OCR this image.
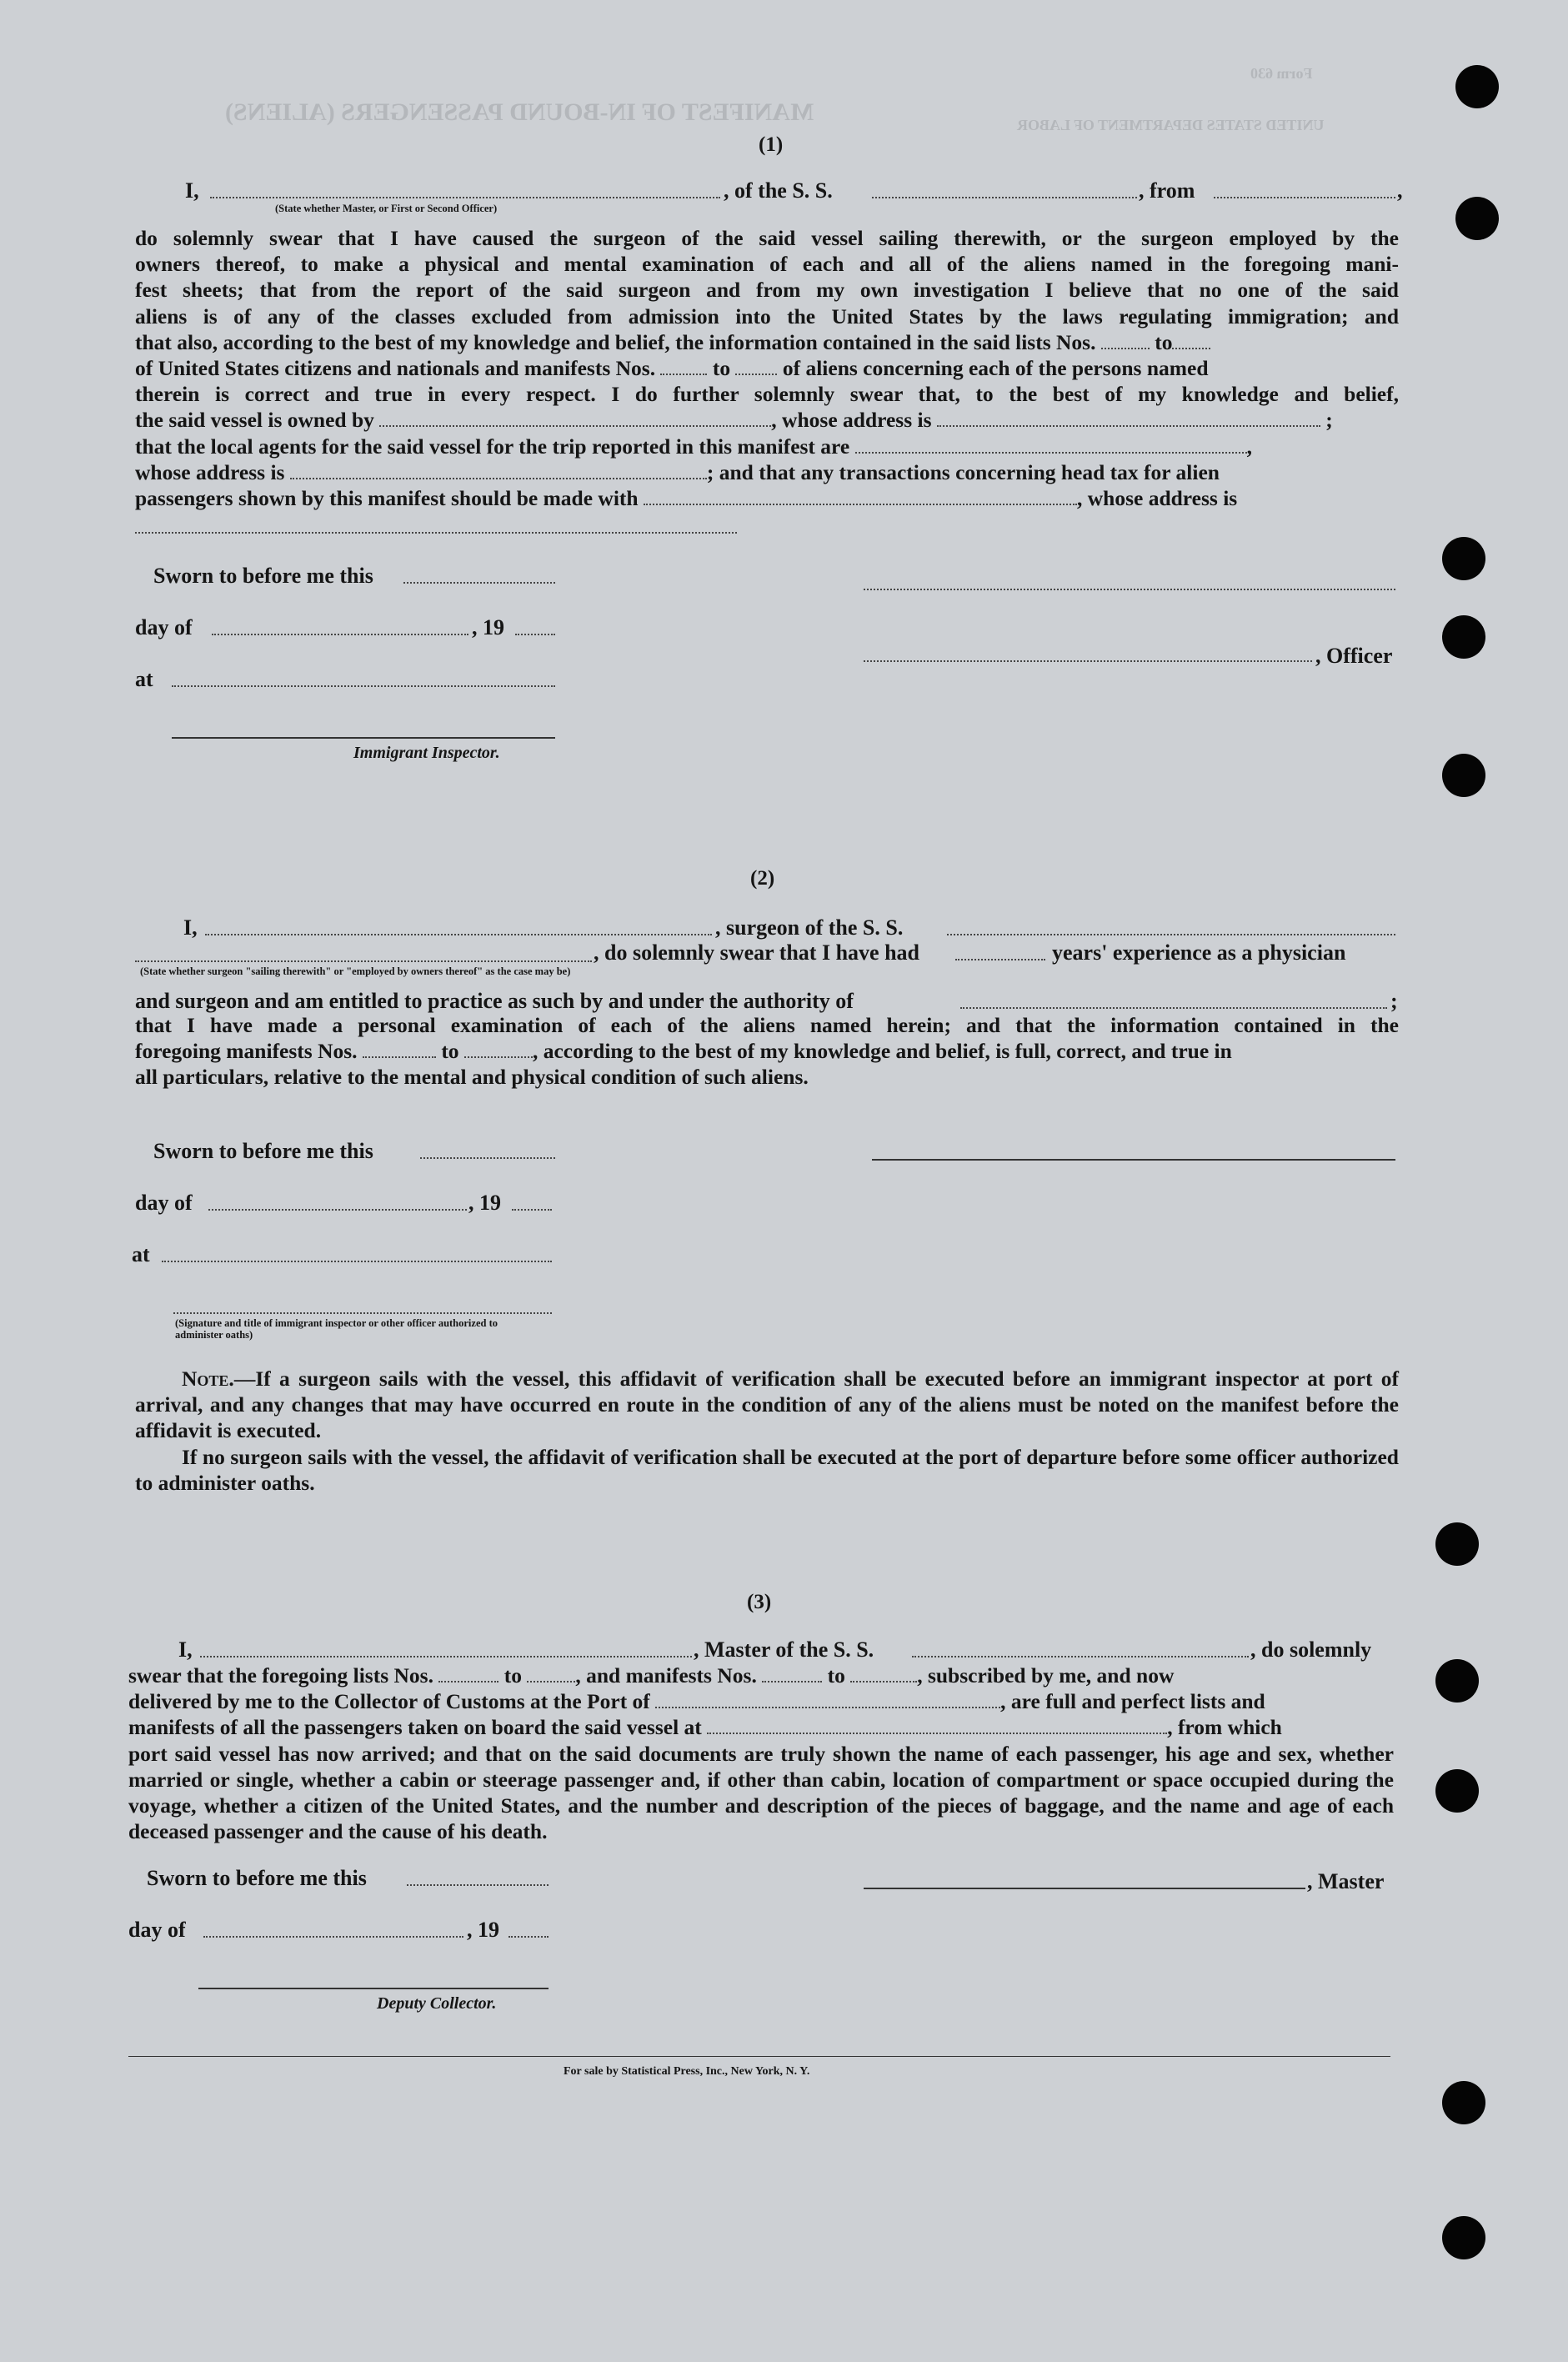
MANIFEST OF IN-BOUND PASSENGERS (ALIENS)
Form 630
UNITED STATES DEPARTMENT OF LABOR
(1)
I,	, of the S. S.	, from	,
(State whether Master, or First or Second Officer)

do solemnly swear that I have caused the surgeon of the said vessel sailing therewith, or the surgeon employed by the

owners thereof, to make a physical and mental examination of each and all of the aliens named in the foregoing mani-

fest sheets; that from the report of the said surgeon and from my own investigation I believe that no one of the said

aliens is of any of the classes excluded from admission into the United States by the laws regulating immigration; and

that also, according to the best of my knowledge and belief, the information contained in the said lists Nos.	to

of United States citizens and nationals and manifests Nos.	to of aliens concerning each of the persons named

therein is correct and true in every respect. I do further solemnly swear that, to the best of my knowledge and belief,

the said vessel is owned by	, whose address is	;

that the local agents for the said vessel for the trip reported in this manifest are	,

whose address is	; and that any transactions concerning head tax for alien

passengers shown by this manifest should be made with	, whose address is

Sworn to before me this
day of	, 19
at
Immigrant Inspector.
, Officer
(2)
I,	, surgeon of the S. S.
, do solemnly swear that I have had	years' experience as a physician
(State whether surgeon "sailing therewith" or "employed by owners thereof" as the case may be)
and surgeon and am entitled to practice as such by and under the authority of	;

that I have made a personal examination of each of the aliens named herein; and that the information contained in the

foregoing manifests Nos.	to	, according to the best of my knowledge and belief, is full, correct, and true in

all particulars, relative to the mental and physical condition of such aliens.

Sworn to before me this
day of	, 19
at
(Signature and title of immigrant inspector or other officer authorized to administer oaths)

Note.—If a surgeon sails with the vessel, this affidavit of verification shall be executed before an immigrant inspector at port of arrival, and any changes that may have occurred en route in the condition of any of the aliens must be noted on the manifest before the affidavit is executed.

If no surgeon sails with the vessel, the affidavit of verification shall be executed at the port of departure before some officer authorized to administer oaths.

(3)
I,	, Master of the S. S.	, do solemnly

swear that the foregoing lists Nos.	to	, and manifests Nos.	to	, subscribed by me, and now

delivered by me to the Collector of Customs at the Port of	, are full and perfect lists and

manifests of all the passengers taken on board the said vessel at	, from which

port said vessel has now arrived; and that on the said documents are truly shown the name of each passenger, his age and sex, whether married or single, whether a cabin or steerage passenger and, if other than cabin, location of compartment or space occupied during the voyage, whether a citizen of the United States, and the number and description of the pieces of baggage, and the name and age of each deceased passenger and the cause of his death.

Sworn to before me this
day of	, 19
Deputy Collector.
, Master
For sale by Statistical Press, Inc., New York, N. Y.
